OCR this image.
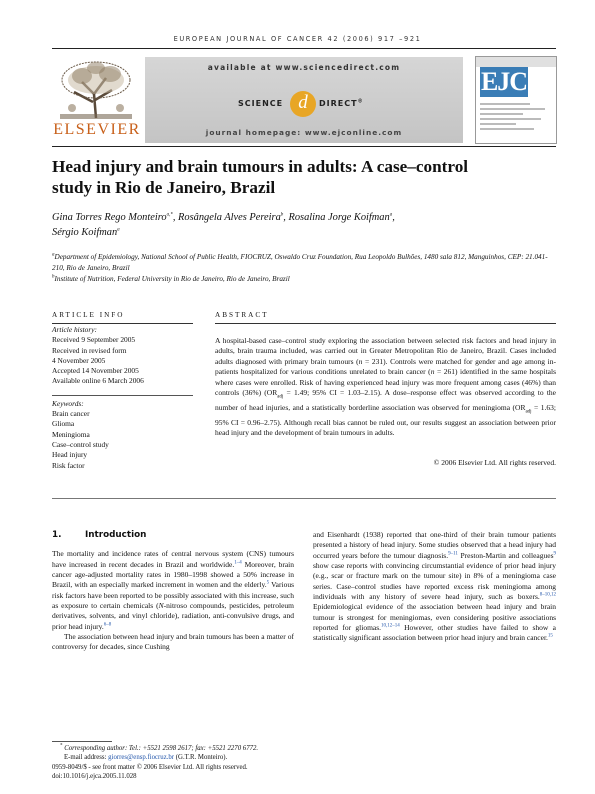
EUROPEAN JOURNAL OF CANCER 42 (2006) 917 –921
ELSEVIER
available at www.sciencedirect.com
SCIENCE d	DIRECT®
journal homepage: www.ejconline.com
EJC
Head injury and brain tumours in adults: A case–control
study in Rio de Janeiro, Brazil
Gina Torres Rego Monteiro$^{a,*}$, Rosângela Alves Pereira$^b$, Rosalina Jorge Koifman$^a$,
Sérgio Koifman$^a$
$^a$Department of Epidemiology, National School of Public Health, FIOCRUZ, Oswaldo Cruz Foundation, Rua Leopoldo Bulhões, 1480 sala 812, Manguinhos, CEP: 21.041-210, Rio de Janeiro, Brazil
$^b$Institute of Nutrition, Federal University in Rio de Janeiro, Rio de Janeiro, Brazil
ARTICLE INFO
Article history:
Received 9 September 2005
Received in revised form
4 November 2005
Accepted 14 November 2005
Available online 6 March 2006
Keywords:
Brain cancer
Glioma
Meningioma
Case–control study
Head injury
Risk factor
ABSTRACT
A hospital-based case–control study exploring the association between selected risk factors and head injury in adults, brain trauma included, was carried out in Greater Metropolitan Rio de Janeiro, Brazil. Cases included adults diagnosed with primary brain tumours (n = 231). Controls were matched for gender and age among in-patients hospitalized for various conditions unrelated to brain cancer (n = 261) identified in the same hospitals where cases were enrolled. Risk of having experienced head injury was more frequent among cases (46%) than controls (36%) ($OR_{adj} = 1.49$; 95% CI = 1.03–2.15). A dose–response effect was observed according to the number of head injuries, and a statistically borderline association was observed for meningioma ($OR_{adj} = 1.63$; 95% CI = 0.96–2.75). Although recall bias cannot be ruled out, our results suggest an association between prior head injury and the development of brain tumours in adults.
© 2006 Elsevier Ltd. All rights reserved.
1.	Introduction

The mortality and incidence rates of central nervous system (CNS) tumours have increased in recent decades in Brazil and worldwide.$^{1-4}$ Moreover, brain cancer age-adjusted mortality rates in 1980–1998 showed a 50% increase in Brazil, with an especially marked increment in women and the elderly.$^5$ Various risk factors have been reported to be possibly associated with this increase, such as exposure to certain chemicals (N-nitroso compounds, pesticides, petroleum derivatives, solvents, and vinyl chloride), radiation, anti-convulsive drugs, and prior head injury.$^{6-8}$

The association between head injury and brain tumours has been a matter of controversy for decades, since Cushing

and Eisenhardt (1938) reported that one-third of their brain tumour patients presented a history of head injury. Some studies observed that a head injury had occurred years before the tumour diagnosis.$^{9-11}$ Preston-Martin and colleagues$^9$ show case reports with convincing circumstantial evidence of prior head injury (e.g., scar or fracture mark on the tumour site) in 8% of a meningioma case series. Case–control studies have reported excess risk meningioma among individuals with any history of severe head injury, such as boxers.$^{8-10,12}$ Epidemiological evidence of the association between head injury and brain tumour is strongest for meningiomas, even considering positive associations reported for gliomas.$^{10,12-14}$ However, other studies have failed to show a statistically significant association between prior head injury and brain cancer.$^{15}$

* Corresponding author: Tel.: +5521 2598 2617; fax: +5521 2270 6772.
E-mail address: giorres@ensp.fiocruz.br (G.T.R. Monteiro).
0959-8049/$ - see front matter © 2006 Elsevier Ltd. All rights reserved.
doi:10.1016/j.ejca.2005.11.028
